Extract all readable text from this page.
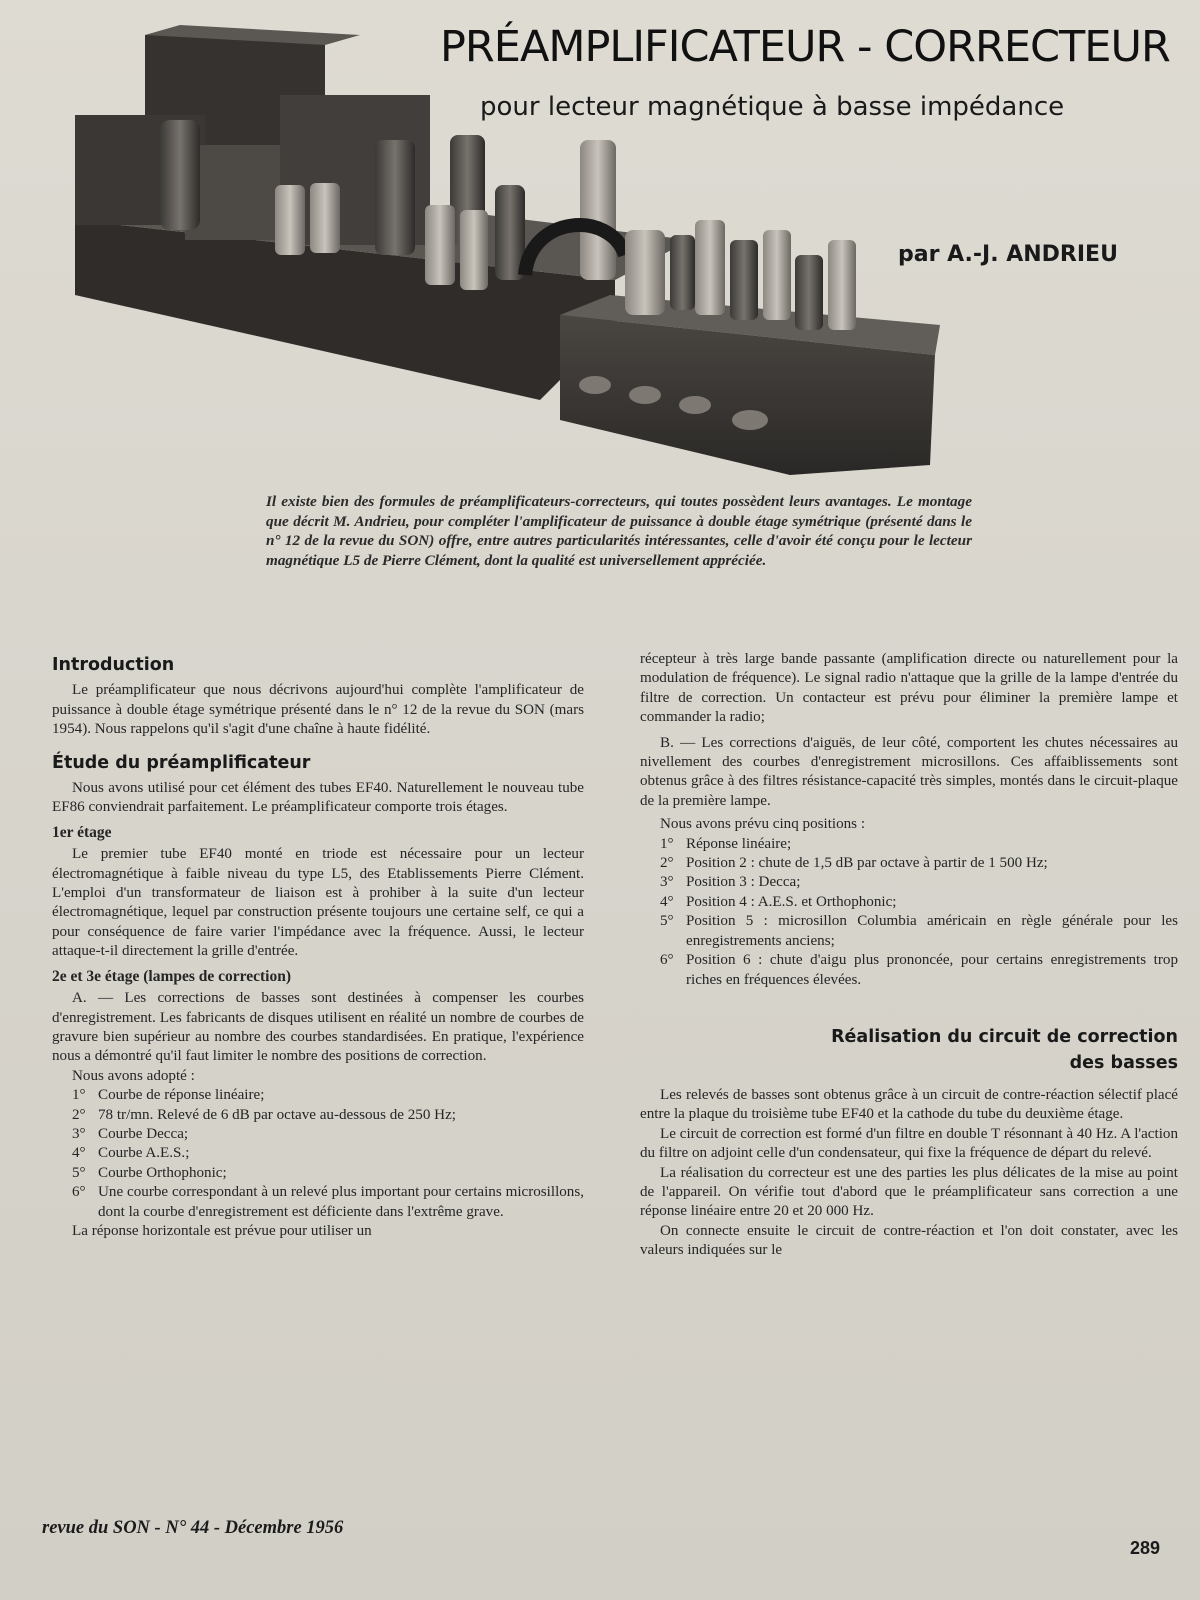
PRÉAMPLIFICATEUR - CORRECTEUR

pour lecteur magnétique à basse impédance

par A.-J. ANDRIEU

Il existe bien des formules de préamplificateurs-correcteurs, qui toutes possèdent leurs avantages. Le montage que décrit M. Andrieu, pour compléter l'amplificateur de puissance à double étage symétrique (présenté dans le n° 12 de la revue du SON) offre, entre autres particularités intéressantes, celle d'avoir été conçu pour le lecteur magnétique L5 de Pierre Clément, dont la qualité est universellement appréciée.

Introduction

Le préamplificateur que nous décrivons aujourd'hui complète l'amplificateur de puissance à double étage symétrique présenté dans le n° 12 de la revue du SON (mars 1954). Nous rappelons qu'il s'agit d'une chaîne à haute fidélité.

Étude du préamplificateur

Nous avons utilisé pour cet élément des tubes EF40. Naturellement le nouveau tube EF86 conviendrait parfaitement. Le préamplificateur comporte trois étages.

1er étage

Le premier tube EF40 monté en triode est nécessaire pour un lecteur électromagnétique à faible niveau du type L5, des Etablissements Pierre Clément. L'emploi d'un transformateur de liaison est à prohiber à la suite d'un lecteur électromagnétique, lequel par construction présente toujours une certaine self, ce qui a pour conséquence de faire varier l'impédance avec la fréquence. Aussi, le lecteur attaque-t-il directement la grille d'entrée.

2e et 3e étage (lampes de correction)

A. — Les corrections de basses sont destinées à compenser les courbes d'enregistrement. Les fabricants de disques utilisent en réalité un nombre de courbes de gravure bien supérieur au nombre des courbes standardisées. En pratique, l'expérience nous a démontré qu'il faut limiter le nombre des positions de correction.

Nous avons adopté :

1° Courbe de réponse linéaire;
2° 78 tr/mn. Relevé de 6 dB par octave au-dessous de 250 Hz;
3° Courbe Decca;
4° Courbe A.E.S.;
5° Courbe Orthophonic;
6° Une courbe correspondant à un relevé plus important pour certains microsillons, dont la courbe d'enregistrement est déficiente dans l'extrême grave.

La réponse horizontale est prévue pour utiliser un

récepteur à très large bande passante (amplification directe ou naturellement pour la modulation de fréquence). Le signal radio n'attaque que la grille de la lampe d'entrée du filtre de correction. Un contacteur est prévu pour éliminer la première lampe et commander la radio;

B. — Les corrections d'aiguës, de leur côté, comportent les chutes nécessaires au nivellement des courbes d'enregistrement microsillons. Ces affaiblissements sont obtenus grâce à des filtres résistance-capacité très simples, montés dans le circuit-plaque de la première lampe.

Nous avons prévu cinq positions :

1° Réponse linéaire;
2° Position 2 : chute de 1,5 dB par octave à partir de 1 500 Hz;
3° Position 3 : Decca;
4° Position 4 : A.E.S. et Orthophonic;
5° Position 5 : microsillon Columbia américain en règle générale pour les enregistrements anciens;
6° Position 6 : chute d'aigu plus prononcée, pour certains enregistrements trop riches en fréquences élevées.
Réalisation du circuit de correction
des basses

Les relevés de basses sont obtenus grâce à un circuit de contre-réaction sélectif placé entre la plaque du troisième tube EF40 et la cathode du tube du deuxième étage.

Le circuit de correction est formé d'un filtre en double T résonnant à 40 Hz. A l'action du filtre on adjoint celle d'un condensateur, qui fixe la fréquence de départ du relevé.

La réalisation du correcteur est une des parties les plus délicates de la mise au point de l'appareil. On vérifie tout d'abord que le préamplificateur sans correction a une réponse linéaire entre 20 et 20 000 Hz.

On connecte ensuite le circuit de contre-réaction et l'on doit constater, avec les valeurs indiquées sur le

revue du SON - N° 44 - Décembre 1956

289
